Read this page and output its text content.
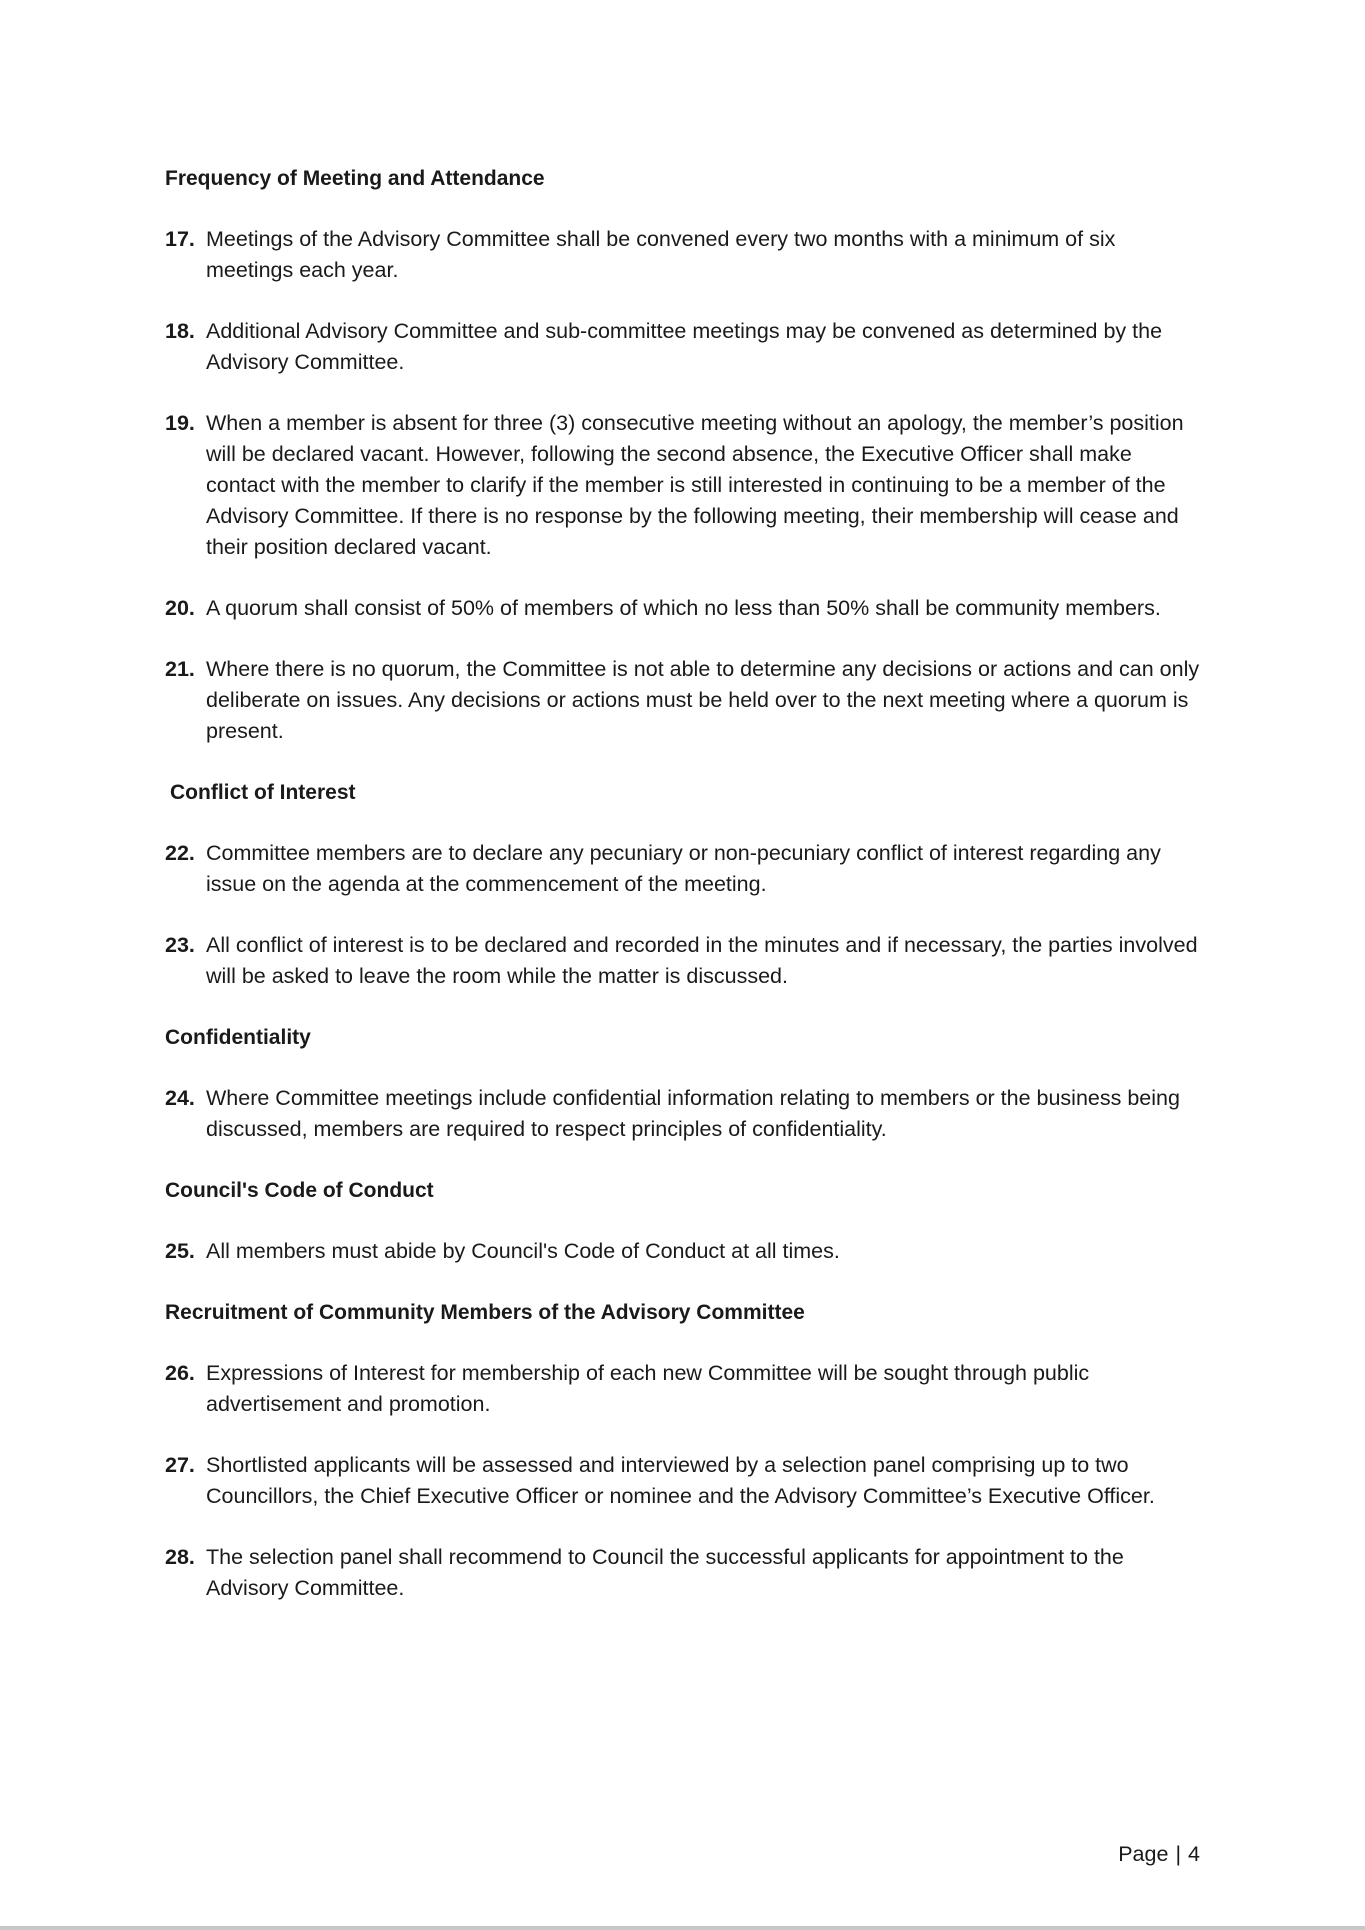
Frequency of Meeting and Attendance
17. Meetings of the Advisory Committee shall be convened every two months with a minimum of six meetings each year.
18. Additional Advisory Committee and sub-committee meetings may be convened as determined by the Advisory Committee.
19. When a member is absent for three (3) consecutive meeting without an apology, the member’s position will be declared vacant. However, following the second absence, the Executive Officer shall make contact with the member to clarify if the member is still interested in continuing to be a member of the Advisory Committee. If there is no response by the following meeting, their membership will cease and their position declared vacant.
20. A quorum shall consist of 50% of members of which no less than 50% shall be community members.
21. Where there is no quorum, the Committee is not able to determine any decisions or actions and can only deliberate on issues. Any decisions or actions must be held over to the next meeting where a quorum is present.
Conflict of Interest
22. Committee members are to declare any pecuniary or non-pecuniary conflict of interest regarding any issue on the agenda at the commencement of the meeting.
23. All conflict of interest is to be declared and recorded in the minutes and if necessary, the parties involved will be asked to leave the room while the matter is discussed.
Confidentiality
24. Where Committee meetings include confidential information relating to members or the business being discussed, members are required to respect principles of confidentiality.
Council's Code of Conduct
25. All members must abide by Council's Code of Conduct at all times.
Recruitment of Community Members of the Advisory Committee
26. Expressions of Interest for membership of each new Committee will be sought through public advertisement and promotion.
27. Shortlisted applicants will be assessed and interviewed by a selection panel comprising up to two Councillors, the Chief Executive Officer or nominee and the Advisory Committee’s Executive Officer.
28. The selection panel shall recommend to Council the successful applicants for appointment to the Advisory Committee.
Page | 4
